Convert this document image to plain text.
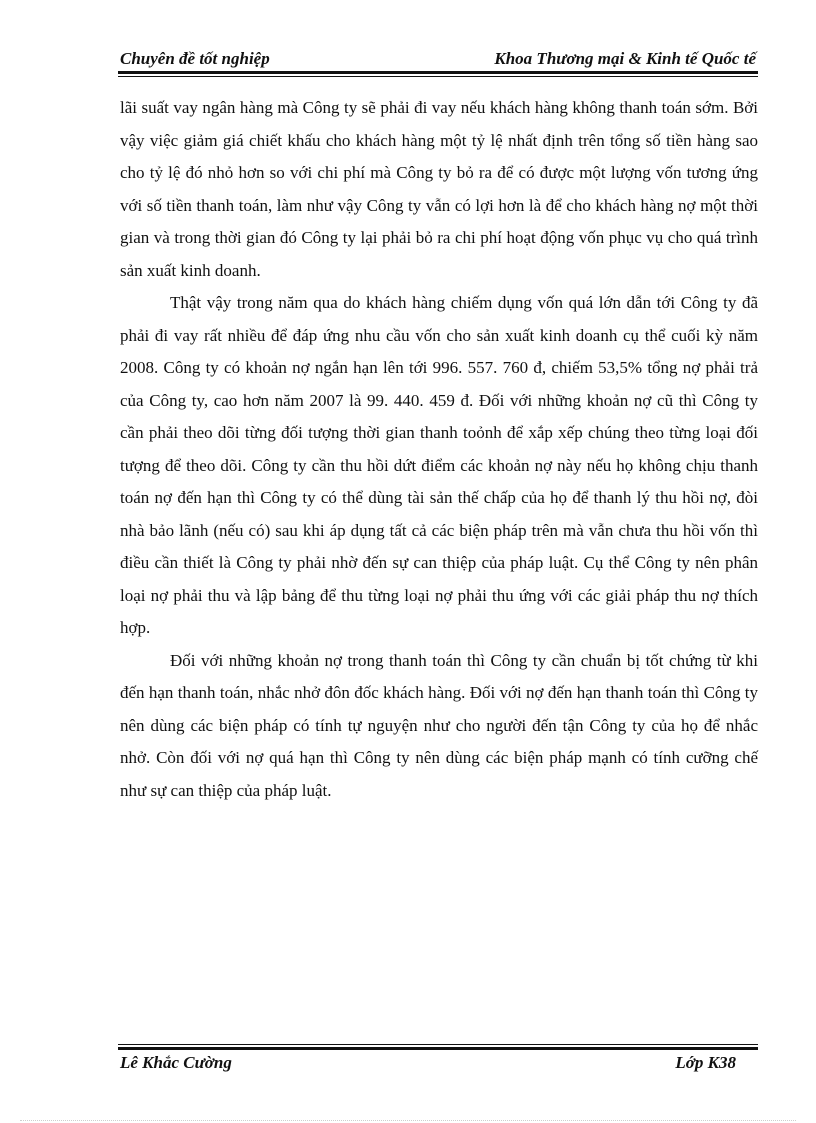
Chuyên đề tốt nghiệp	Khoa Thương mại & Kinh tế Quốc tế

lãi suất vay ngân hàng mà Công ty sẽ phải đi vay nếu khách hàng không thanh toán sớm. Bởi vậy việc giảm giá chiết khấu cho khách hàng một tỷ lệ nhất định trên tổng số tiền hàng sao cho tỷ lệ đó nhỏ hơn so với chi phí mà Công ty bỏ ra để có được một lượng vốn tương ứng với số tiền thanh toán, làm như vậy Công ty vẫn có lợi hơn là để cho khách hàng nợ một thời gian và trong thời gian đó Công ty lại phải bỏ ra chi phí hoạt động vốn phục vụ cho quá trình sản xuất kinh doanh.

Thật vậy trong năm qua do khách hàng chiếm dụng vốn quá lớn dẫn tới Công ty đã phải đi vay rất nhiều để đáp ứng nhu cầu vốn cho sản xuất kinh doanh cụ thể cuối kỳ năm 2008. Công ty có khoản nợ ngắn hạn lên tới 996. 557. 760 đ, chiếm 53,5% tổng nợ phải trả của Công ty, cao hơn năm 2007 là 99. 440. 459 đ. Đối với những khoản nợ cũ thì Công ty cần phải theo dõi từng đối tượng thời gian thanh toỏnh để xắp xếp chúng theo từng loại đối tượng để theo dõi. Công ty cần thu hồi dứt điểm các khoản nợ này nếu họ không chịu thanh toán nợ đến hạn thì Công ty có thể dùng tài sản thế chấp của họ để thanh lý thu hồi nợ, đòi nhà bảo lãnh (nếu có) sau khi áp dụng tất cả các biện pháp trên mà vẫn chưa thu hồi vốn thì điều cần thiết là Công ty phải nhờ đến sự can thiệp của pháp luật. Cụ thể Công ty nên phân loại nợ phải thu và lập bảng để thu từng loại nợ phải thu ứng với các giải pháp thu nợ thích hợp.

Đối với những khoản nợ trong thanh toán thì Công ty cần chuẩn bị tốt chứng từ khi đến hạn thanh toán, nhắc nhở đôn đốc khách hàng. Đối với nợ đến hạn thanh toán thì Công ty nên dùng các biện pháp có tính tự nguyện như cho người đến tận Công ty của họ để nhắc nhở. Còn đối với nợ quá hạn thì Công ty nên dùng các biện pháp mạnh có tính cưỡng chế như sự can thiệp của pháp luật.

Lê Khắc Cường	Lớp K38
